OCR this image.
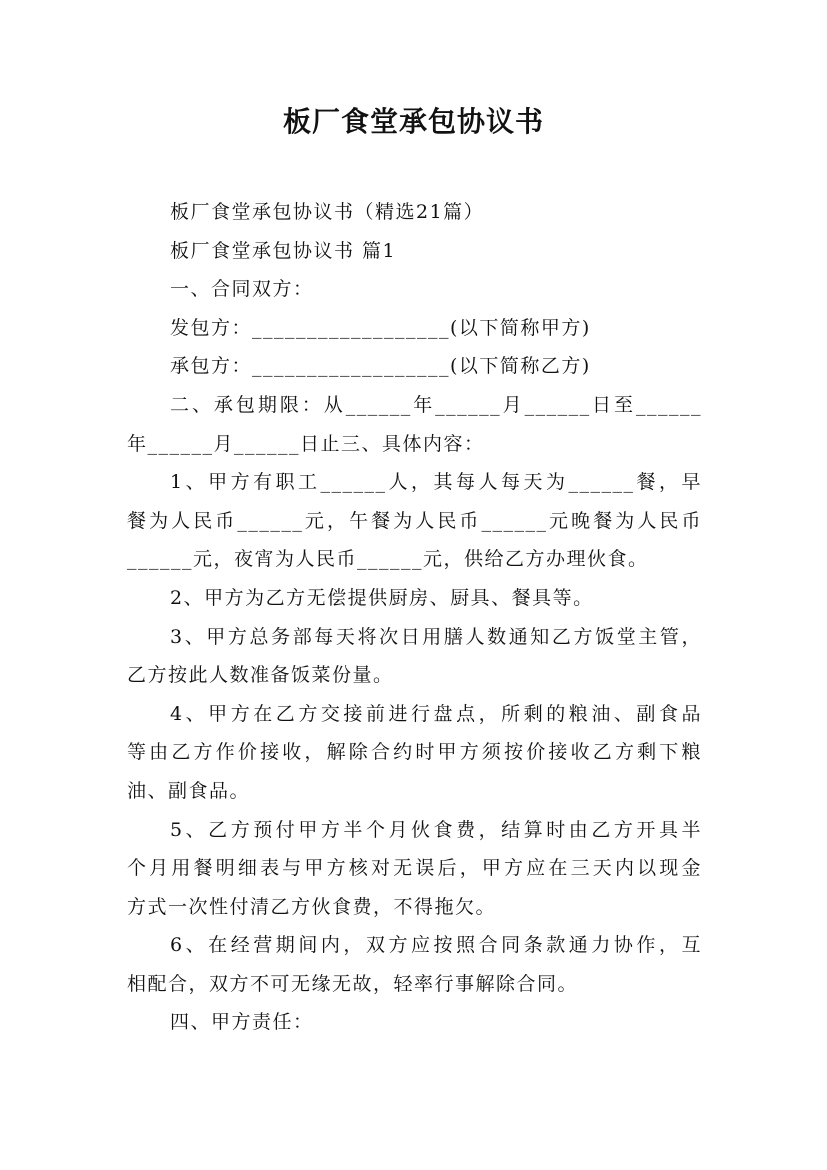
板厂食堂承包协议书

板厂食堂承包协议书（精选21篇）

板厂食堂承包协议书 篇1

一、合同双方：

发包方：__________________(以下简称甲方)

承包方：__________________(以下简称乙方)

二、承包期限：从______年______月______日至______

年______月______日止三、具体内容：

1、甲方有职工______人，其每人每天为______餐，早

餐为人民币______元，午餐为人民币______元晚餐为人民币

______元，夜宵为人民币______元，供给乙方办理伙食。

2、甲方为乙方无偿提供厨房、厨具、餐具等。

3、甲方总务部每天将次日用膳人数通知乙方饭堂主管，

乙方按此人数准备饭菜份量。

4、甲方在乙方交接前进行盘点，所剩的粮油、副食品

等由乙方作价接收，解除合约时甲方须按价接收乙方剩下粮

油、副食品。

5、乙方预付甲方半个月伙食费，结算时由乙方开具半

个月用餐明细表与甲方核对无误后，甲方应在三天内以现金

方式一次性付清乙方伙食费，不得拖欠。

6、在经营期间内，双方应按照合同条款通力协作，互

相配合，双方不可无缘无故，轻率行事解除合同。

四、甲方责任：
